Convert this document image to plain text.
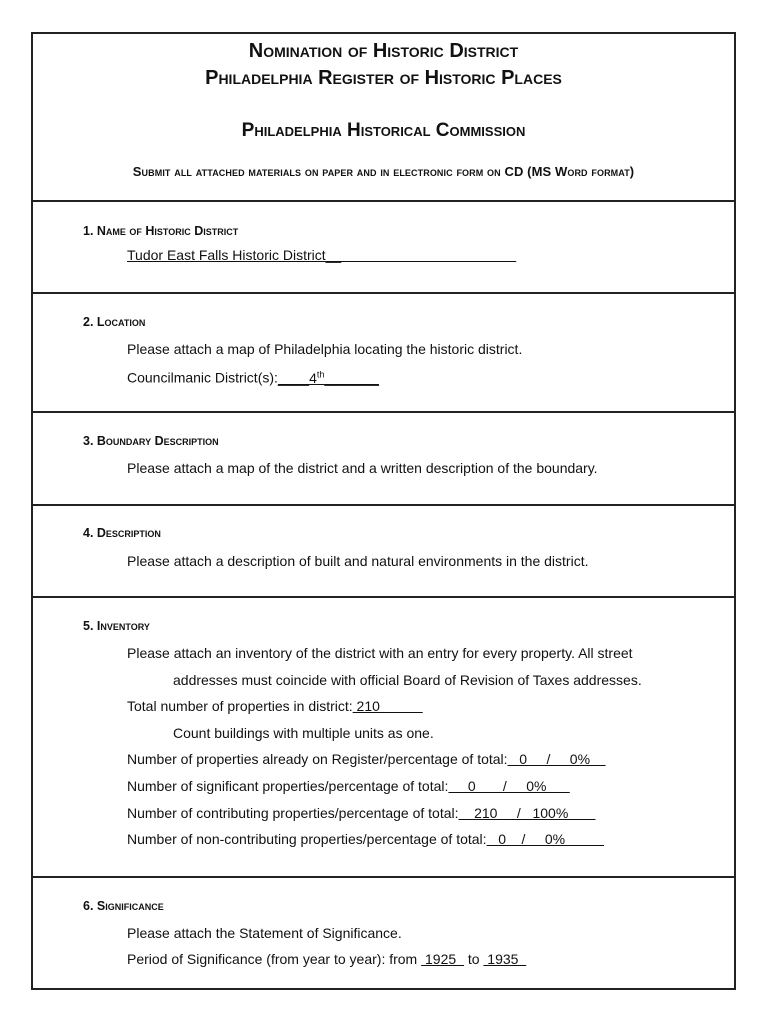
Nomination of Historic District
Philadelphia Register of Historic Places
Philadelphia Historical Commission
Submit all attached materials on paper and in electronic form on CD (MS Word format)
1. Name of Historic District
Tudor East Falls Historic District__
2. Location
Please attach a map of Philadelphia locating the historic district.
Councilmanic District(s):____4th_______
3. Boundary Description
Please attach a map of the district and a written description of the boundary.
4. Description
Please attach a description of built and natural environments in the district.
5. Inventory
Please attach an inventory of the district with an entry for every property. All street
addresses must coincide with official Board of Revision of Taxes addresses.
Total number of properties in district: 210
Count buildings with multiple units as one.
Number of properties already on Register/percentage of total:   0     /     0%
Number of significant properties/percentage of total:     0       /     0%
Number of contributing properties/percentage of total:    210     /   100%
Number of non-contributing properties/percentage of total:   0    /     0%
6. Significance
Please attach the Statement of Significance.
Period of Significance (from year to year): from  1925   to  1935
